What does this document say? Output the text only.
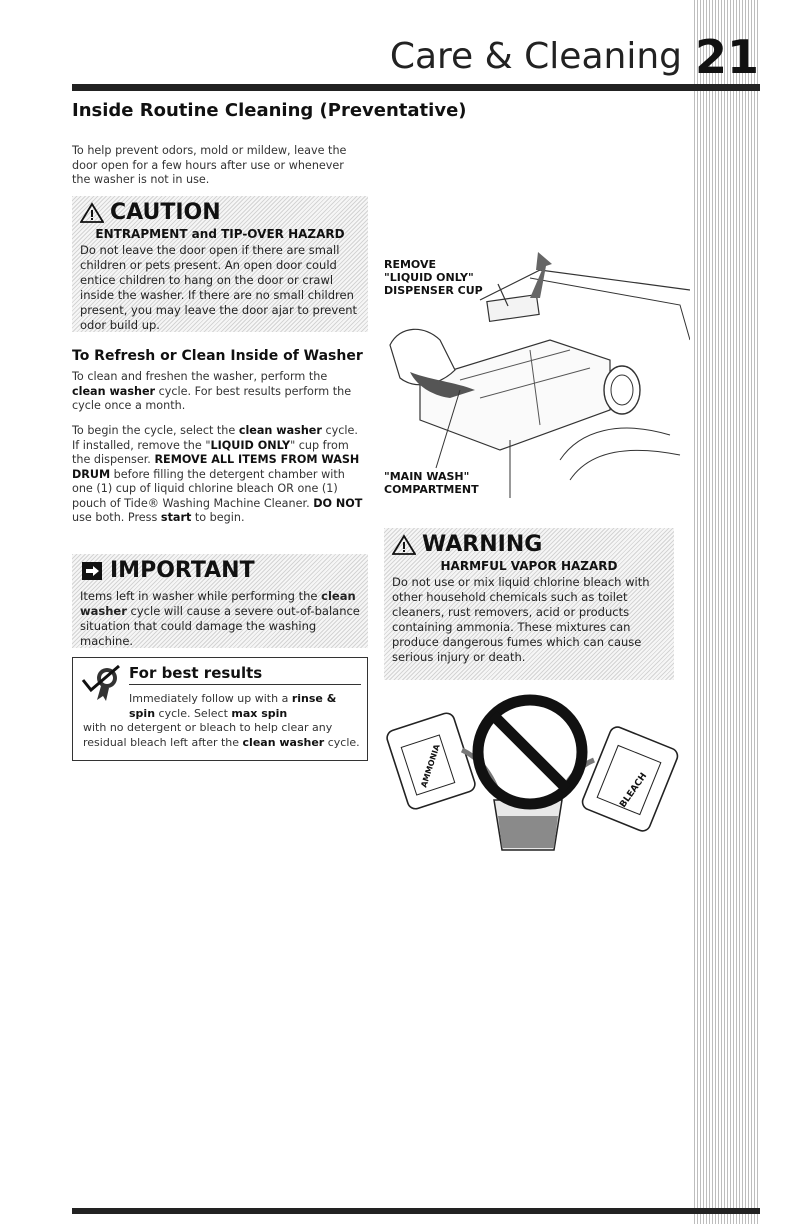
21
Care & Cleaning
Inside Routine Cleaning (Preventative)
To help prevent odors, mold or mildew, leave the door open for a few hours after use or whenever the washer is not in use.
CAUTION
ENTRAPMENT and TIP-OVER HAZARD
Do not leave the door open if there are small children or pets present. An open door could entice children to hang on the door or crawl inside the washer. If there are no small children present, you may leave the door ajar to prevent odor build up.
To Refresh or Clean Inside of Washer
To clean and freshen the washer, perform the clean washer cycle. For best results perform the cycle once a month.
To begin the cycle, select the clean washer cycle. If installed, remove the "LIQUID ONLY" cup from the dispenser. REMOVE ALL ITEMS FROM WASH DRUM before filling the detergent chamber with one (1) cup of liquid chlorine bleach OR one (1) pouch of Tide® Washing Machine Cleaner. DO NOT use both. Press start to begin.
IMPORTANT
Items left in washer while performing the clean washer cycle will cause a severe out-of-balance situation that could damage the washing machine.
For best results
Immediately follow up with a rinse & spin cycle. Select max spin
with no detergent or bleach to help clear any residual bleach left after the clean washer cycle.
REMOVE
"LIQUID ONLY"
DISPENSER CUP
"MAIN WASH"
COMPARTMENT
WARNING
HARMFUL VAPOR HAZARD
Do not use or mix liquid chlorine bleach with other household chemicals such as toilet cleaners, rust removers, acid or products containing ammonia. These mixtures can produce dangerous fumes which can cause serious injury or death.
AMMONIA
BLEACH
